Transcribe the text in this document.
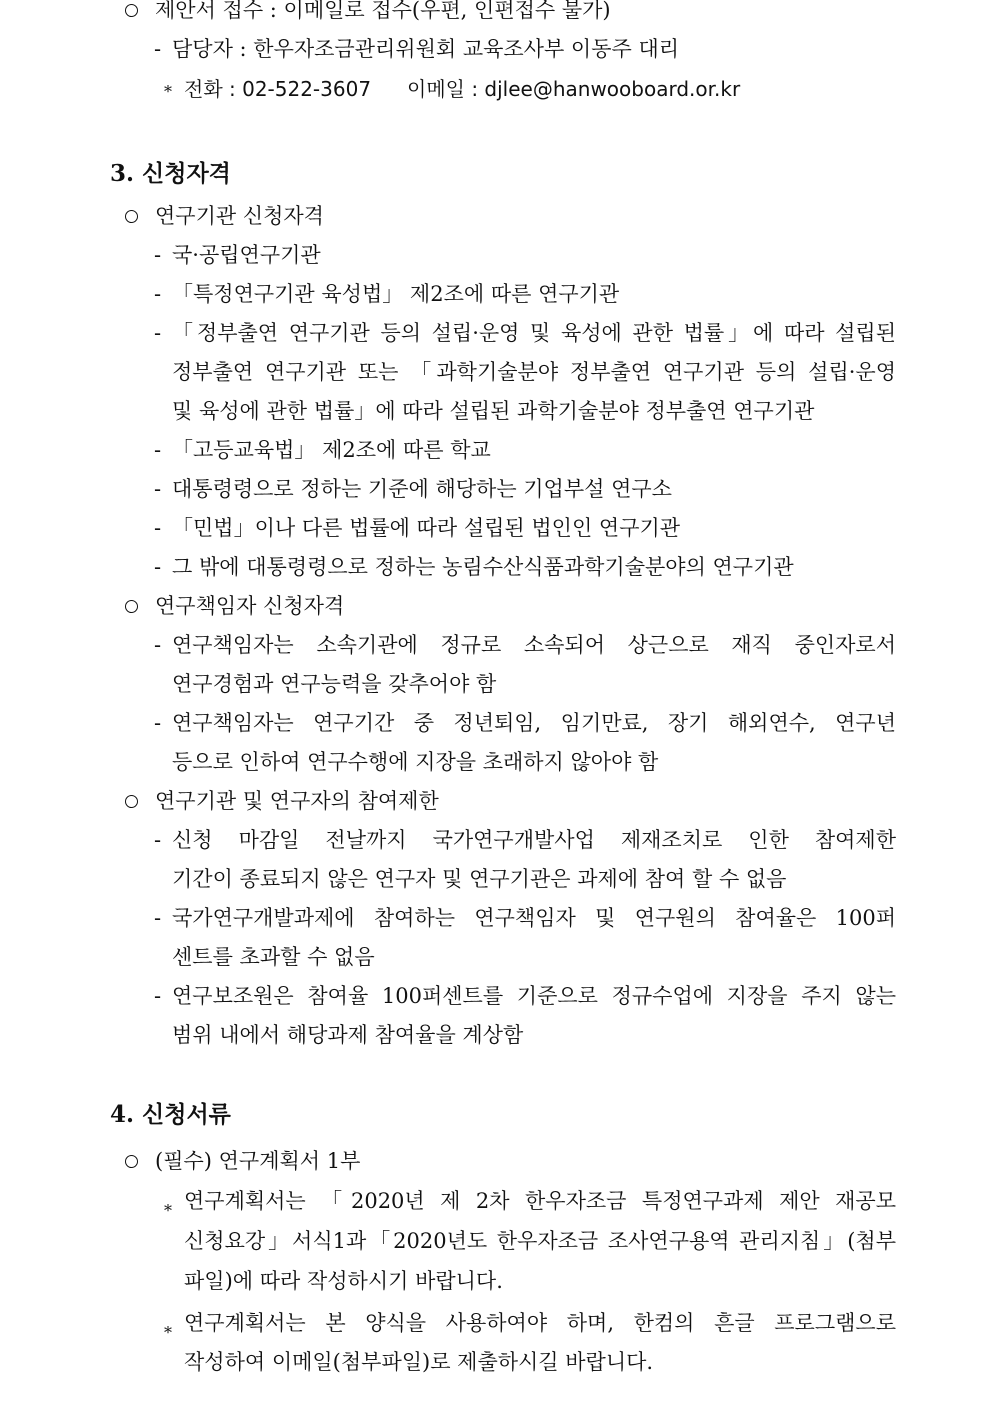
제안서 접수 : 이메일로 접수(우편, 인편접수 불가)
- 담당자 : 한우자조금관리위원회 교육조사부 이동주 대리
* 전화 : 02-522-3607 이메일 : djlee@hanwooboard.or.kr
3. 신청자격
연구기관 신청자격
- 국·공립연구기관
- 「특정연구기관 육성법」 제2조에 따른 연구기관
- 「정부출연 연구기관 등의 설립·운영 및 육성에 관한 법률」에 따라 설립된
정부출연 연구기관 또는 「과학기술분야 정부출연 연구기관 등의 설립·운영
및 육성에 관한 법률」에 따라 설립된 과학기술분야 정부출연 연구기관
- 「고등교육법」 제2조에 따른 학교
- 대통령령으로 정하는 기준에 해당하는 기업부설 연구소
- 「민법」이나 다른 법률에 따라 설립된 법인인 연구기관
- 그 밖에 대통령령으로 정하는 농림수산식품과학기술분야의 연구기관
연구책임자 신청자격
- 연구책임자는 소속기관에 정규로 소속되어 상근으로 재직 중인자로서
연구경험과 연구능력을 갖추어야 함
- 연구책임자는 연구기간 중 정년퇴임, 임기만료, 장기 해외연수, 연구년
등으로 인하여 연구수행에 지장을 초래하지 않아야 함
연구기관 및 연구자의 참여제한
- 신청 마감일 전날까지 국가연구개발사업 제재조치로 인한 참여제한
기간이 종료되지 않은 연구자 및 연구기관은 과제에 참여 할 수 없음
- 국가연구개발과제에 참여하는 연구책임자 및 연구원의 참여율은 100퍼
센트를 초과할 수 없음
- 연구보조원은 참여율 100퍼센트를 기준으로 정규수업에 지장을 주지 않는
범위 내에서 해당과제 참여율을 계상함
4. 신청서류
(필수) 연구계획서 1부
* 연구계획서는 「2020년 제 2차 한우자조금 특정연구과제 제안 재공모
신청요강」서식1과「2020년도 한우자조금 조사연구용역 관리지침」(첨부
파일)에 따라 작성하시기 바랍니다.
* 연구계획서는 본 양식을 사용하여야 하며, 한컴의 흔글 프로그램으로
작성하여 이메일(첨부파일)로 제출하시길 바랍니다.
